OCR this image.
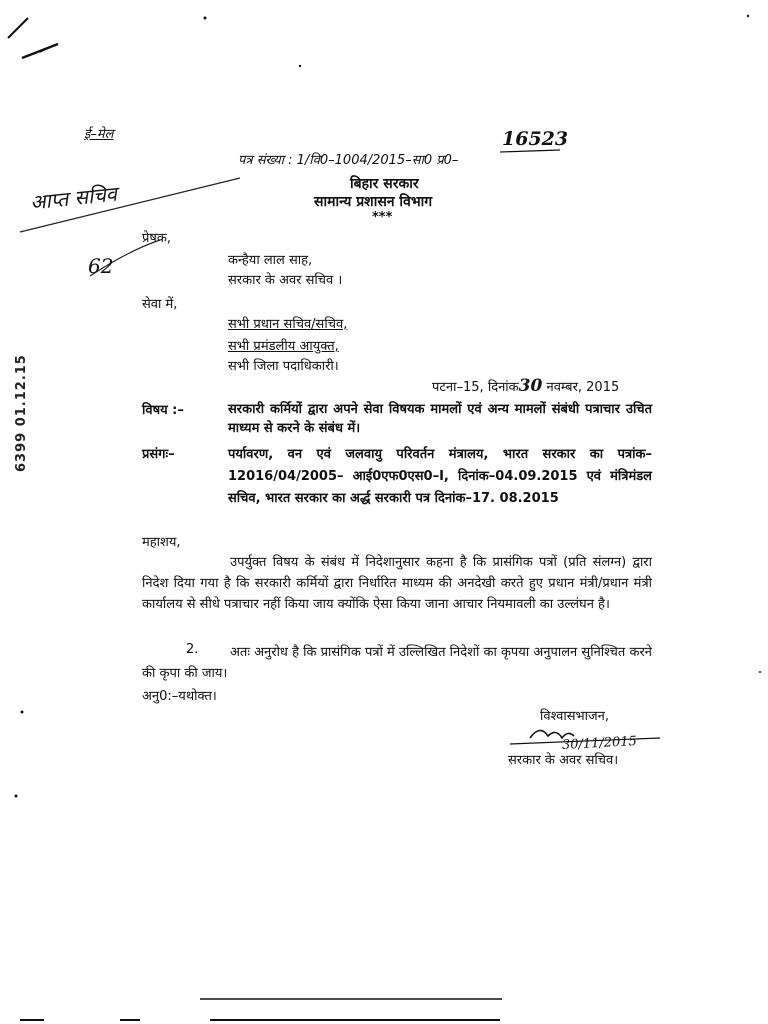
6399 01.12.15
ई–मेल
पत्र संख्या : 1/वि0–1004/2015–सा0 प्र0–
16523
बिहार सरकार
सामान्य प्रशासन विभाग
***
आप्त सचिव
62
प्रेषक,
कन्हैया लाल साह,
सरकार के अवर सचिव ।
सेवा में,
सभी प्रधान सचिव/सचिव,
सभी प्रमंडलीय आयुक्त,
सभी जिला पदाधिकारी।
पटना–15, दिनांक30 नवम्बर, 2015
विषय :–	सरकारी कर्मियों द्वारा अपने सेवा विषयक मामलों एवं अन्य मामलों संबंधी पत्राचार उचित माध्यम से करने के संबंध में।
प्रसंगः–	पर्यावरण, वन एवं जलवायु परिवर्तन मंत्रालय, भारत सरकार का पत्रांक–12016/04/2005– आई0एफ0एस0–I, दिनांक–04.09.2015 एवं मंत्रिमंडल सचिव, भारत सरकार का अर्द्ध सरकारी पत्र दिनांक–17. 08.2015
महाशय,
उपर्युक्त विषय के संबंध में निदेशानुसार कहना है कि प्रासंगिक पत्रों (प्रति संलग्न) द्वारा निदेश दिया गया है कि सरकारी कर्मियों द्वारा निर्धारित माध्यम की अनदेखी करते हुए प्रधान मंत्री/प्रधान मंत्री कार्यालय से सीधे पत्राचार नहीं किया जाय क्योंकि ऐसा किया जाना आचार नियमावली का उल्लंघन है।
2.	अतः अनुरोध है कि प्रासंगिक पत्रों में उल्लिखित निदेशों का कृपया अनुपालन सुनिश्चित करने की कृपा की जाय।
अनु0:–यथोक्त।
विश्वासभाजन,
30/11/2015
सरकार के अवर सचिव।
